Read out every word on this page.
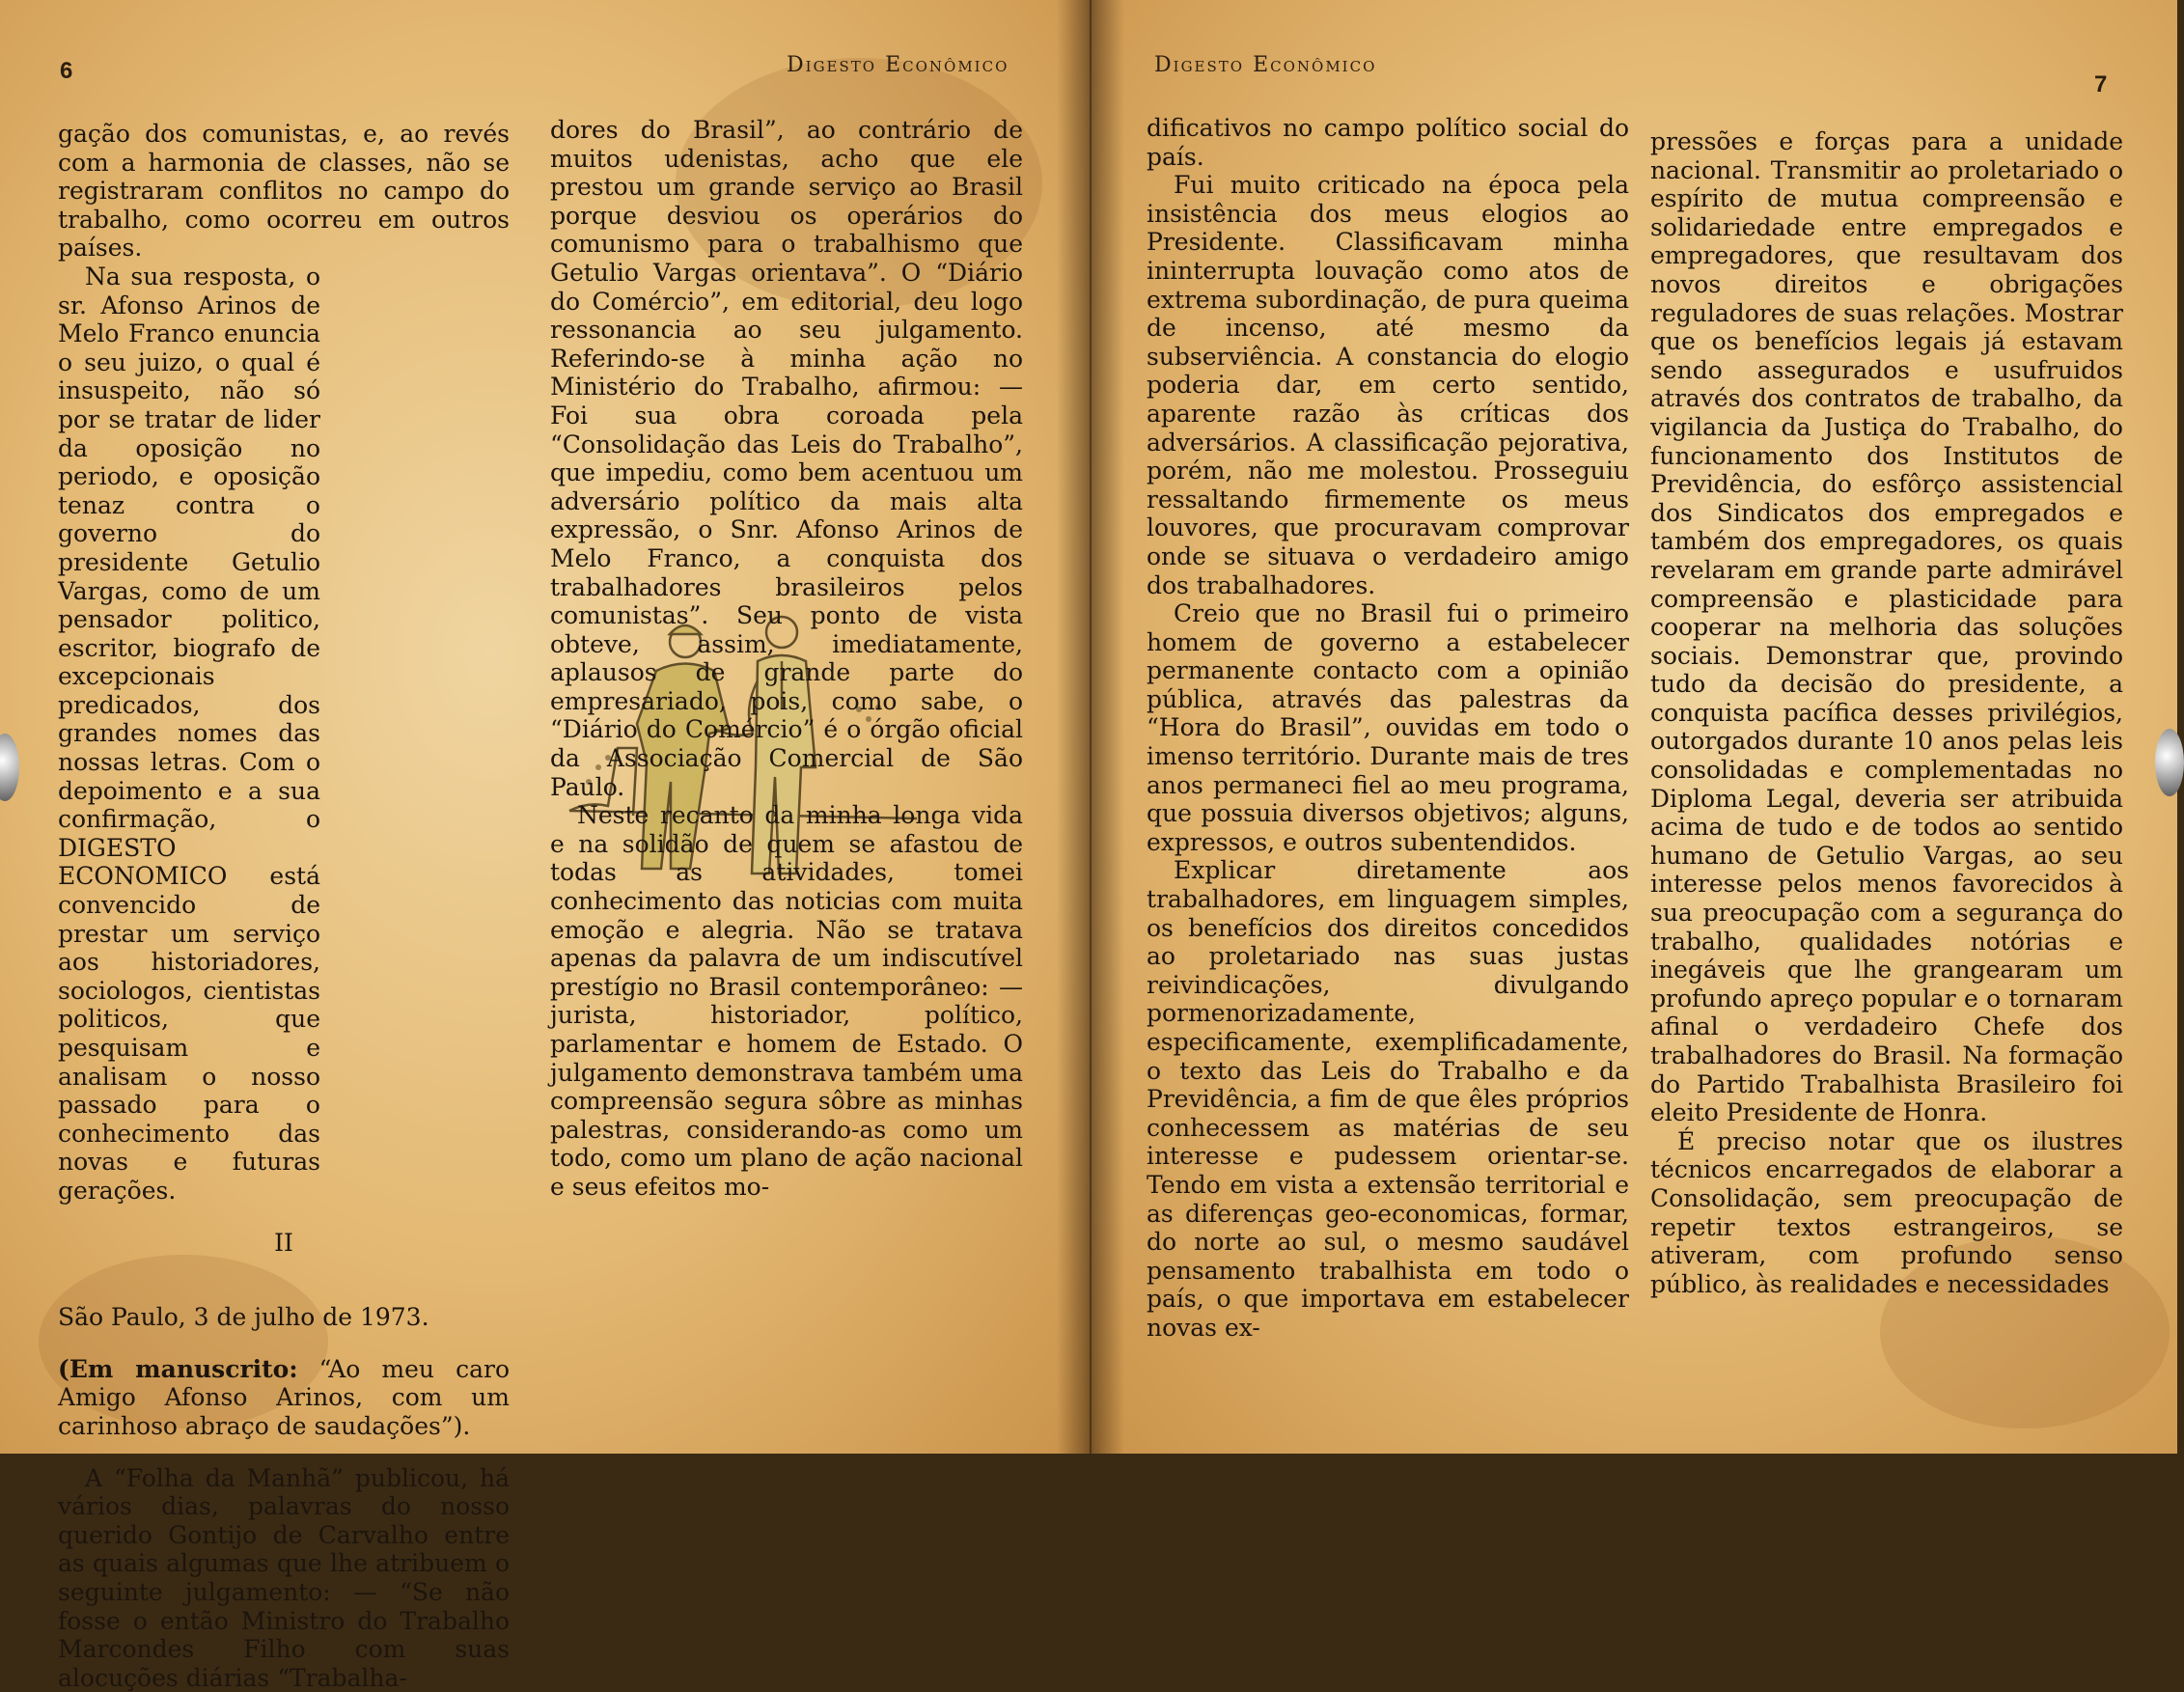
6	Digesto Econômico

gação dos comunistas, e, ao revés com a harmonia de classes, não se registraram conflitos no campo do trabalho, como ocorreu em outros países.

Na sua resposta, o sr. Afonso Arinos de Melo Franco enuncia o seu juizo, o qual é insuspeito, não só por se tratar de lider da oposição no periodo, e oposição tenaz contra o governo do presidente Getulio Vargas, como de um pensador politico, escritor, biografo de excepcionais predicados, dos grandes nomes das nossas letras. Com o depoimento e a sua confirmação, o DIGESTO ECONOMICO está convencido de prestar um serviço aos historiadores, sociologos, cientistas politicos, que pesquisam e analisam o nosso passado para o conhecimento das novas e futuras gerações.

II

São Paulo, 3 de julho de 1973.

(Em manuscrito: “Ao meu caro Amigo Afonso Arinos, com um carinhoso abraço de saudações”).

A “Folha da Manhã” publicou, há vários dias, palavras do nosso querido Gontijo de Carvalho entre as quais algumas que lhe atribuem o seguinte julgamento: — “Se não fosse o então Ministro do Trabalho Marcondes Filho com suas alocuções diárias “Trabalha-

dores do Brasil”, ao contrário de muitos udenistas, acho que ele prestou um grande serviço ao Brasil porque desviou os operários do comunismo para o trabalhismo que Getulio Vargas orientava”. O “Diário do Comércio”, em editorial, deu logo ressonancia ao seu julgamento. Referindo-se à minha ação no Ministério do Trabalho, afirmou: — Foi sua obra coroada pela “Consolidação das Leis do Trabalho”, que impediu, como bem acentuou um adversário político da mais alta expressão, o Snr. Afonso Arinos de Melo Franco, a conquista dos trabalhadores brasileiros pelos comunistas”. Seu ponto de vista obteve, assim, imediatamente, aplausos de grande parte do empresariado, pois, como sabe, o “Diário do Comércio” é o órgão oficial da Associação Comercial de São Paulo.

Neste recanto da minha longa vida e na solidão de quem se afastou de todas as atividades, tomei conhecimento das noticias com muita emoção e alegria. Não se tratava apenas da palavra de um indiscutível prestígio no Brasil contemporâneo: — jurista, historiador, político, parlamentar e homem de Estado. O julgamento demonstrava também uma compreensão segura sôbre as minhas palestras, considerando-as como um todo, como um plano de ação nacional e seus efeitos mo-

Digesto Econômico
7

dificativos no campo político social do país.

Fui muito criticado na época pela insistência dos meus elogios ao Presidente. Classificavam minha ininterrupta louvação como atos de extrema subordinação, de pura queima de incenso, até mesmo da subserviência. A constancia do elogio poderia dar, em certo sentido, aparente razão às críticas dos adversários. A classificação pejorativa, porém, não me molestou. Prosseguiu ressaltando firmemente os meus louvores, que procuravam comprovar onde se situava o verdadeiro amigo dos trabalhadores.

Creio que no Brasil fui o primeiro homem de governo a estabelecer permanente contacto com a opinião pública, através das palestras da “Hora do Brasil”, ouvidas em todo o imenso território. Durante mais de tres anos permaneci fiel ao meu programa, que possuia diversos objetivos; alguns, expressos, e outros subentendidos.

Explicar diretamente aos trabalhadores, em linguagem simples, os benefícios dos direitos concedidos ao proletariado nas suas justas reivindicações, divulgando pormenorizadamente, especificamente, exemplificadamente, o texto das Leis do Trabalho e da Previdência, a fim de que êles próprios conhecessem as matérias de seu interesse e pudessem orientar-se. Tendo em vista a extensão territorial e as diferenças geo-economicas, formar, do norte ao sul, o mesmo saudável pensamento trabalhista em todo o país, o que importava em estabelecer novas ex-

pressões e forças para a unidade nacional. Transmitir ao proletariado o espírito de mutua compreensão e solidariedade entre empregados e empregadores, que resultavam dos novos direitos e obrigações reguladores de suas relações. Mostrar que os benefícios legais já estavam sendo assegurados e usufruidos através dos contratos de trabalho, da vigilancia da Justiça do Trabalho, do funcionamento dos Institutos de Previdência, do esfôrço assistencial dos Sindicatos dos empregados e também dos empregadores, os quais revelaram em grande parte admirável compreensão e plasticidade para cooperar na melhoria das soluções sociais. Demonstrar que, provindo tudo da decisão do presidente, a conquista pacífica desses privilégios, outorgados durante 10 anos pelas leis consolidadas e complementadas no Diploma Legal, deveria ser atribuida acima de tudo e de todos ao sentido humano de Getulio Vargas, ao seu interesse pelos menos favorecidos à sua preocupação com a segurança do trabalho, qualidades notórias e inegáveis que lhe grangearam um profundo apreço popular e o tornaram afinal o verdadeiro Chefe dos trabalhadores do Brasil. Na formação do Partido Trabalhista Brasileiro foi eleito Presidente de Honra.

É preciso notar que os ilustres técnicos encarregados de elaborar a Consolidação, sem preocupação de repetir textos estrangeiros, se ativeram, com profundo senso público, às realidades e necessidades
